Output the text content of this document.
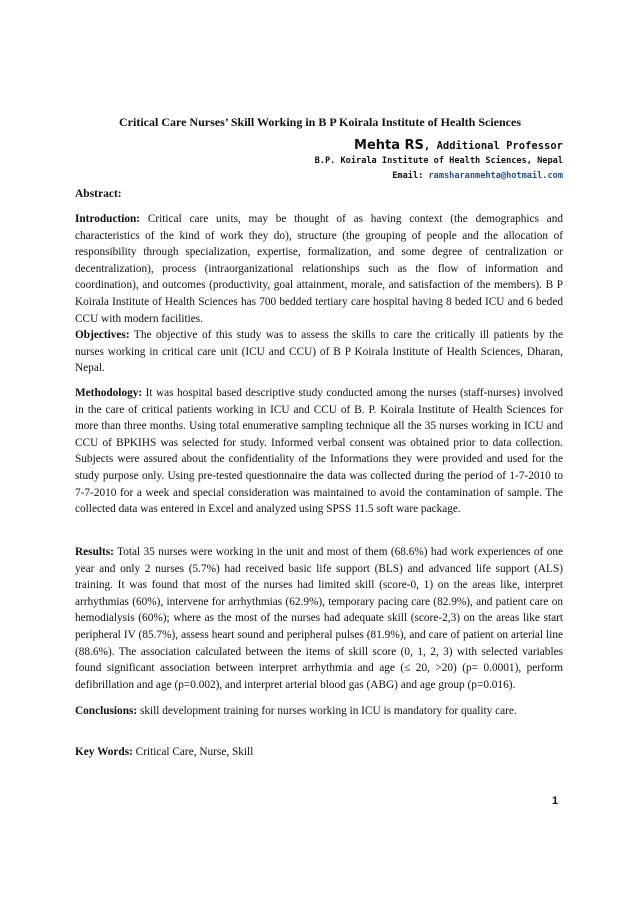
Critical Care Nurses’ Skill Working in B P Koirala Institute of Health Sciences
Mehta RS, Additional Professor
B.P. Koirala Institute of Health Sciences, Nepal
Email: ramsharanmehta@hotmail.com
Abstract:

Introduction: Critical care units, may be thought of as having context (the demographics and characteristics of the kind of work they do), structure (the grouping of people and the allocation of responsibility through specialization, expertise, formalization, and some degree of centralization or decentralization), process (intraorganizational relationships such as the flow of information and coordination), and outcomes (productivity, goal attainment, morale, and satisfaction of the members). B P Koirala Institute of Health Sciences has 700 bedded tertiary care hospital having 8 beded ICU and 6 beded CCU with modern facilities.

Objectives: The objective of this study was to assess the skills to care the critically ill patients by the nurses working in critical care unit (ICU and CCU) of B P Koirala Institute of Health Sciences, Dharan, Nepal.

Methodology: It was hospital based descriptive study conducted among the nurses (staff-nurses) involved in the care of critical patients working in ICU and CCU of B. P. Koirala Institute of Health Sciences for more than three months. Using total enumerative sampling technique all the 35 nurses working in ICU and CCU of BPKIHS was selected for study. Informed verbal consent was obtained prior to data collection. Subjects were assured about the confidentiality of the Informations they were provided and used for the study purpose only. Using pre-tested questionnaire the data was collected during the period of 1-7-2010 to 7-7-2010 for a week and special consideration was maintained to avoid the contamination of sample. The collected data was entered in Excel and analyzed using SPSS 11.5 soft ware package.

Results: Total 35 nurses were working in the unit and most of them (68.6%) had work experiences of one year and only 2 nurses (5.7%) had received basic life support (BLS) and advanced life support (ALS) training. It was found that most of the nurses had limited skill (score-0, 1) on the areas like, interpret arrhythmias (60%), intervene for arrhythmias (62.9%), temporary pacing care (82.9%), and patient care on hemodialysis (60%); where as the most of the nurses had adequate skill (score-2,3) on the areas like start peripheral IV (85.7%), assess heart sound and peripheral pulses (81.9%), and care of patient on arterial line (88.6%). The association calculated between the items of skill score (0, 1, 2, 3) with selected variables found significant association between interpret arrhythmia and age (≤ 20, >20) (p= 0.0001), perform defibrillation and age (p=0.002), and interpret arterial blood gas (ABG) and age group (p=0.016).

Conclusions: skill development training for nurses working in ICU is mandatory for quality care.

Key Words: Critical Care, Nurse, Skill

1
